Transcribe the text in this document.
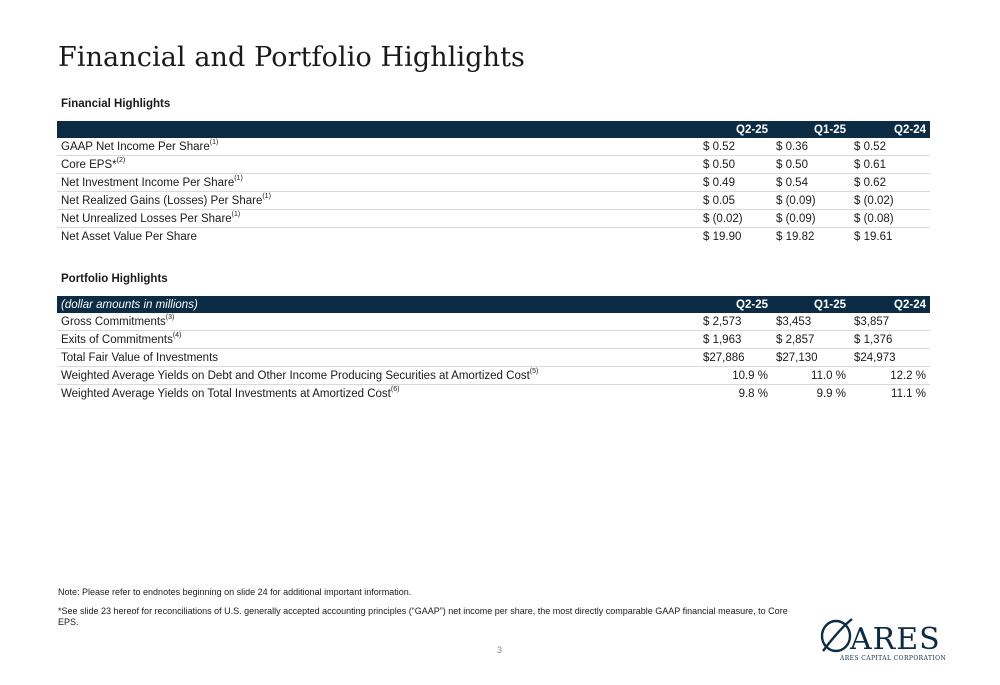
Financial and Portfolio Highlights
Financial Highlights
	Q2-25	Q1-25	Q2-24
GAAP Net Income Per Share$^{(1)}$	$ 0.52	$ 0.36	$ 0.52
Core EPS*$^{(2)}$	$ 0.50	$ 0.50	$ 0.61
Net Investment Income Per Share$^{(1)}$	$ 0.49	$ 0.54	$ 0.62
Net Realized Gains (Losses) Per Share$^{(1)}$	$ 0.05	$ (0.09)	$ (0.02)
Net Unrealized Losses Per Share$^{(1)}$	$ (0.02)	$ (0.09)	$ (0.08)
Net Asset Value Per Share	$ 19.90	$ 19.82	$ 19.61
Portfolio Highlights
(dollar amounts in millions)	Q2-25	Q1-25	Q2-24
Gross Commitments$^{(3)}$	$ 2,573	$3,453	$3,857
Exits of Commitments$^{(4)}$	$ 1,963	$ 2,857	$ 1,376
Total Fair Value of Investments	$27,886	$27,130	$24,973
Weighted Average Yields on Debt and Other Income Producing Securities at Amortized Cost$^{(5)}$	10.9 %	11.0 %	12.2 %
Weighted Average Yields on Total Investments at Amortized Cost$^{(6)}$	9.8 %	9.9 %	11.1 %
Note: Please refer to endnotes beginning on slide 24 for additional important information.
*See slide 23 hereof for reconciliations of U.S. generally accepted accounting principles (“GAAP”) net income per share, the most directly comparable GAAP financial measure, to Core EPS.
3	ARES
ARES CAPITAL CORPORATION
